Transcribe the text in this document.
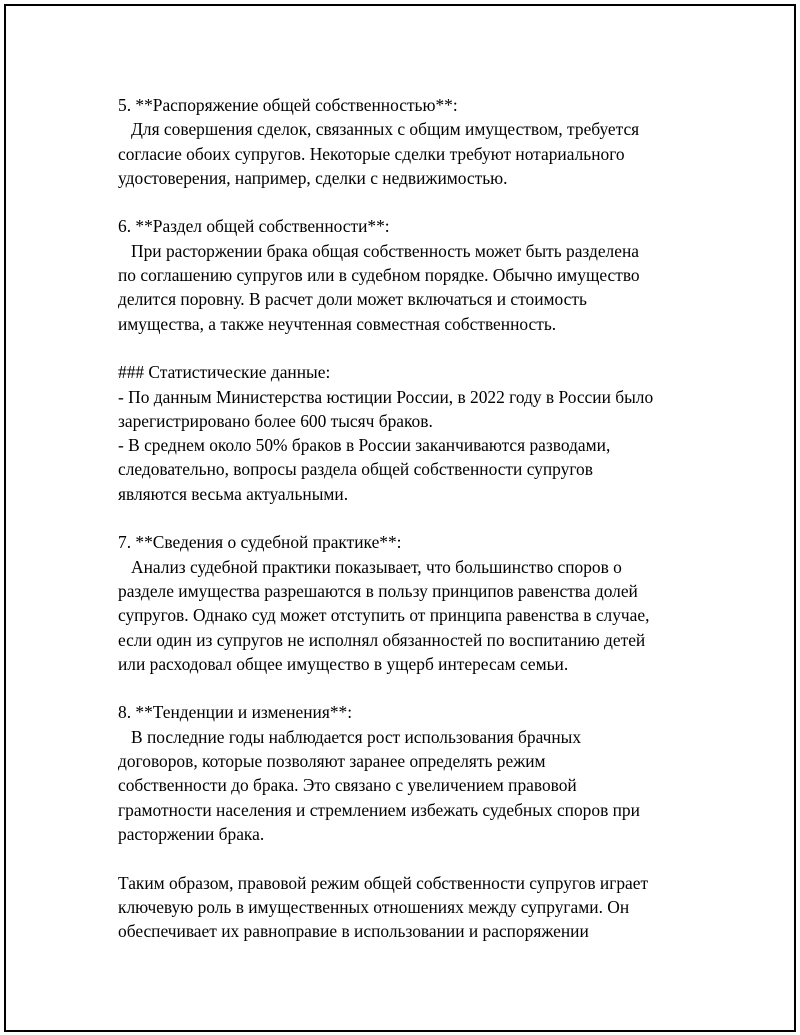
5. **Распоряжение общей собственностью**:
Для совершения сделок, связанных с общим имуществом, требуется
согласие обоих супругов. Некоторые сделки требуют нотариального
удостоверения, например, сделки с недвижимостью.
6. **Раздел общей собственности**:
При расторжении брака общая собственность может быть разделена
по соглашению супругов или в судебном порядке. Обычно имущество
делится поровну. В расчет доли может включаться и стоимость
имущества, а также неучтенная совместная собственность.
### Статистические данные:
- По данным Министерства юстиции России, в 2022 году в России было
зарегистрировано более 600 тысяч браков.
- В среднем около 50% браков в России заканчиваются разводами,
следовательно, вопросы раздела общей собственности супругов
являются весьма актуальными.
7. **Сведения о судебной практике**:
Анализ судебной практики показывает, что большинство споров о
разделе имущества разрешаются в пользу принципов равенства долей
супругов. Однако суд может отступить от принципа равенства в случае,
если один из супругов не исполнял обязанностей по воспитанию детей
или расходовал общее имущество в ущерб интересам семьи.
8. **Тенденции и изменения**:
В последние годы наблюдается рост использования брачных
договоров, которые позволяют заранее определять режим
собственности до брака. Это связано с увеличением правовой
грамотности населения и стремлением избежать судебных споров при
расторжении брака.
Таким образом, правовой режим общей собственности супругов играет
ключевую роль в имущественных отношениях между супругами. Он
обеспечивает их равноправие в использовании и распоряжении
